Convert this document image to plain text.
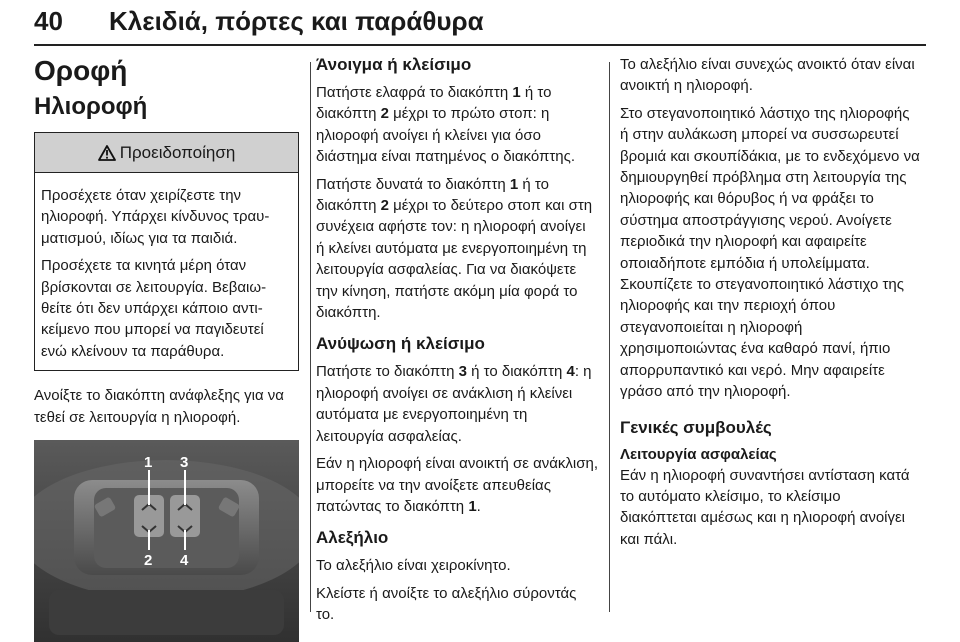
40 Κλειδιά, πόρτες και παράθυρα
Οροφή
Ηλιοροφή
Προειδοποίηση

Προσέχετε όταν χειρίζεστε την ηλιοροφή. Υπάρχει κίνδυνος τραυματισμού, ιδίως για τα παιδιά.

Προσέχετε τα κινητά μέρη όταν βρίσκονται σε λειτουργία. Βεβαιωθείτε ότι δεν υπάρχει κάποιο αντικείμενο που μπορεί να παγιδευτεί ενώ κλείνουν τα παράθυρα.

Ανοίξτε το διακόπτη ανάφλεξης για να τεθεί σε λειτουργία η ηλιοροφή.

1 3
2 4
Άνοιγμα ή κλείσιμο

Πατήστε ελαφρά το διακόπτη 1 ή το διακόπτη 2 μέχρι το πρώτο στοπ: η ηλιοροφή ανοίγει ή κλείνει για όσο διάστημα είναι πατημένος ο διακόπτης.

Πατήστε δυνατά το διακόπτη 1 ή το διακόπτη 2 μέχρι το δεύτερο στοπ και στη συνέχεια αφήστε τον: η ηλιοροφή ανοίγει ή κλείνει αυτόματα με ενεργοποιημένη τη λειτουργία ασφαλείας. Για να διακόψετε την κίνηση, πατήστε ακόμη μία φορά το διακόπτη.

Ανύψωση ή κλείσιμο

Πατήστε το διακόπτη 3 ή το διακόπτη 4: η ηλιοροφή ανοίγει σε ανάκλιση ή κλείνει αυτόματα με ενεργοποιημένη τη λειτουργία ασφαλείας.

Εάν η ηλιοροφή είναι ανοικτή σε ανάκλιση, μπορείτε να την ανοίξετε απευθείας πατώντας το διακόπτη 1.

Αλεξήλιο

Το αλεξήλιο είναι χειροκίνητο.

Κλείστε ή ανοίξτε το αλεξήλιο σύροντάς το.

Το αλεξήλιο είναι συνεχώς ανοικτό όταν είναι ανοικτή η ηλιοροφή.

Στο στεγανοποιητικό λάστιχο της ηλιοροφής ή στην αυλάκωση μπορεί να συσσωρευτεί βρομιά και σκουπίδάκια, με το ενδεχόμενο να δημιουργηθεί πρόβλημα στη λειτουργία της ηλιοροφής και θόρυβος ή να φράξει το σύστημα αποστράγγισης νερού. Ανοίγετε περιοδικά την ηλιοροφή και αφαιρείτε οποιαδήποτε εμπόδια ή υπολείμματα. Σκουπίζετε το στεγανοποιητικό λάστιχο της ηλιοροφής και την περιοχή όπου στεγανοποιείται η ηλιοροφή χρησιμοποιώντας ένα καθαρό πανί, ήπιο απορρυπαντικό και νερό. Μην αφαιρείτε γράσο από την ηλιοροφή.

Γενικές συμβουλές
Λειτουργία ασφαλείας

Εάν η ηλιοροφή συναντήσει αντίσταση κατά το αυτόματο κλείσιμο, το κλείσιμο διακόπτεται αμέσως και η ηλιοροφή ανοίγει και πάλι.
